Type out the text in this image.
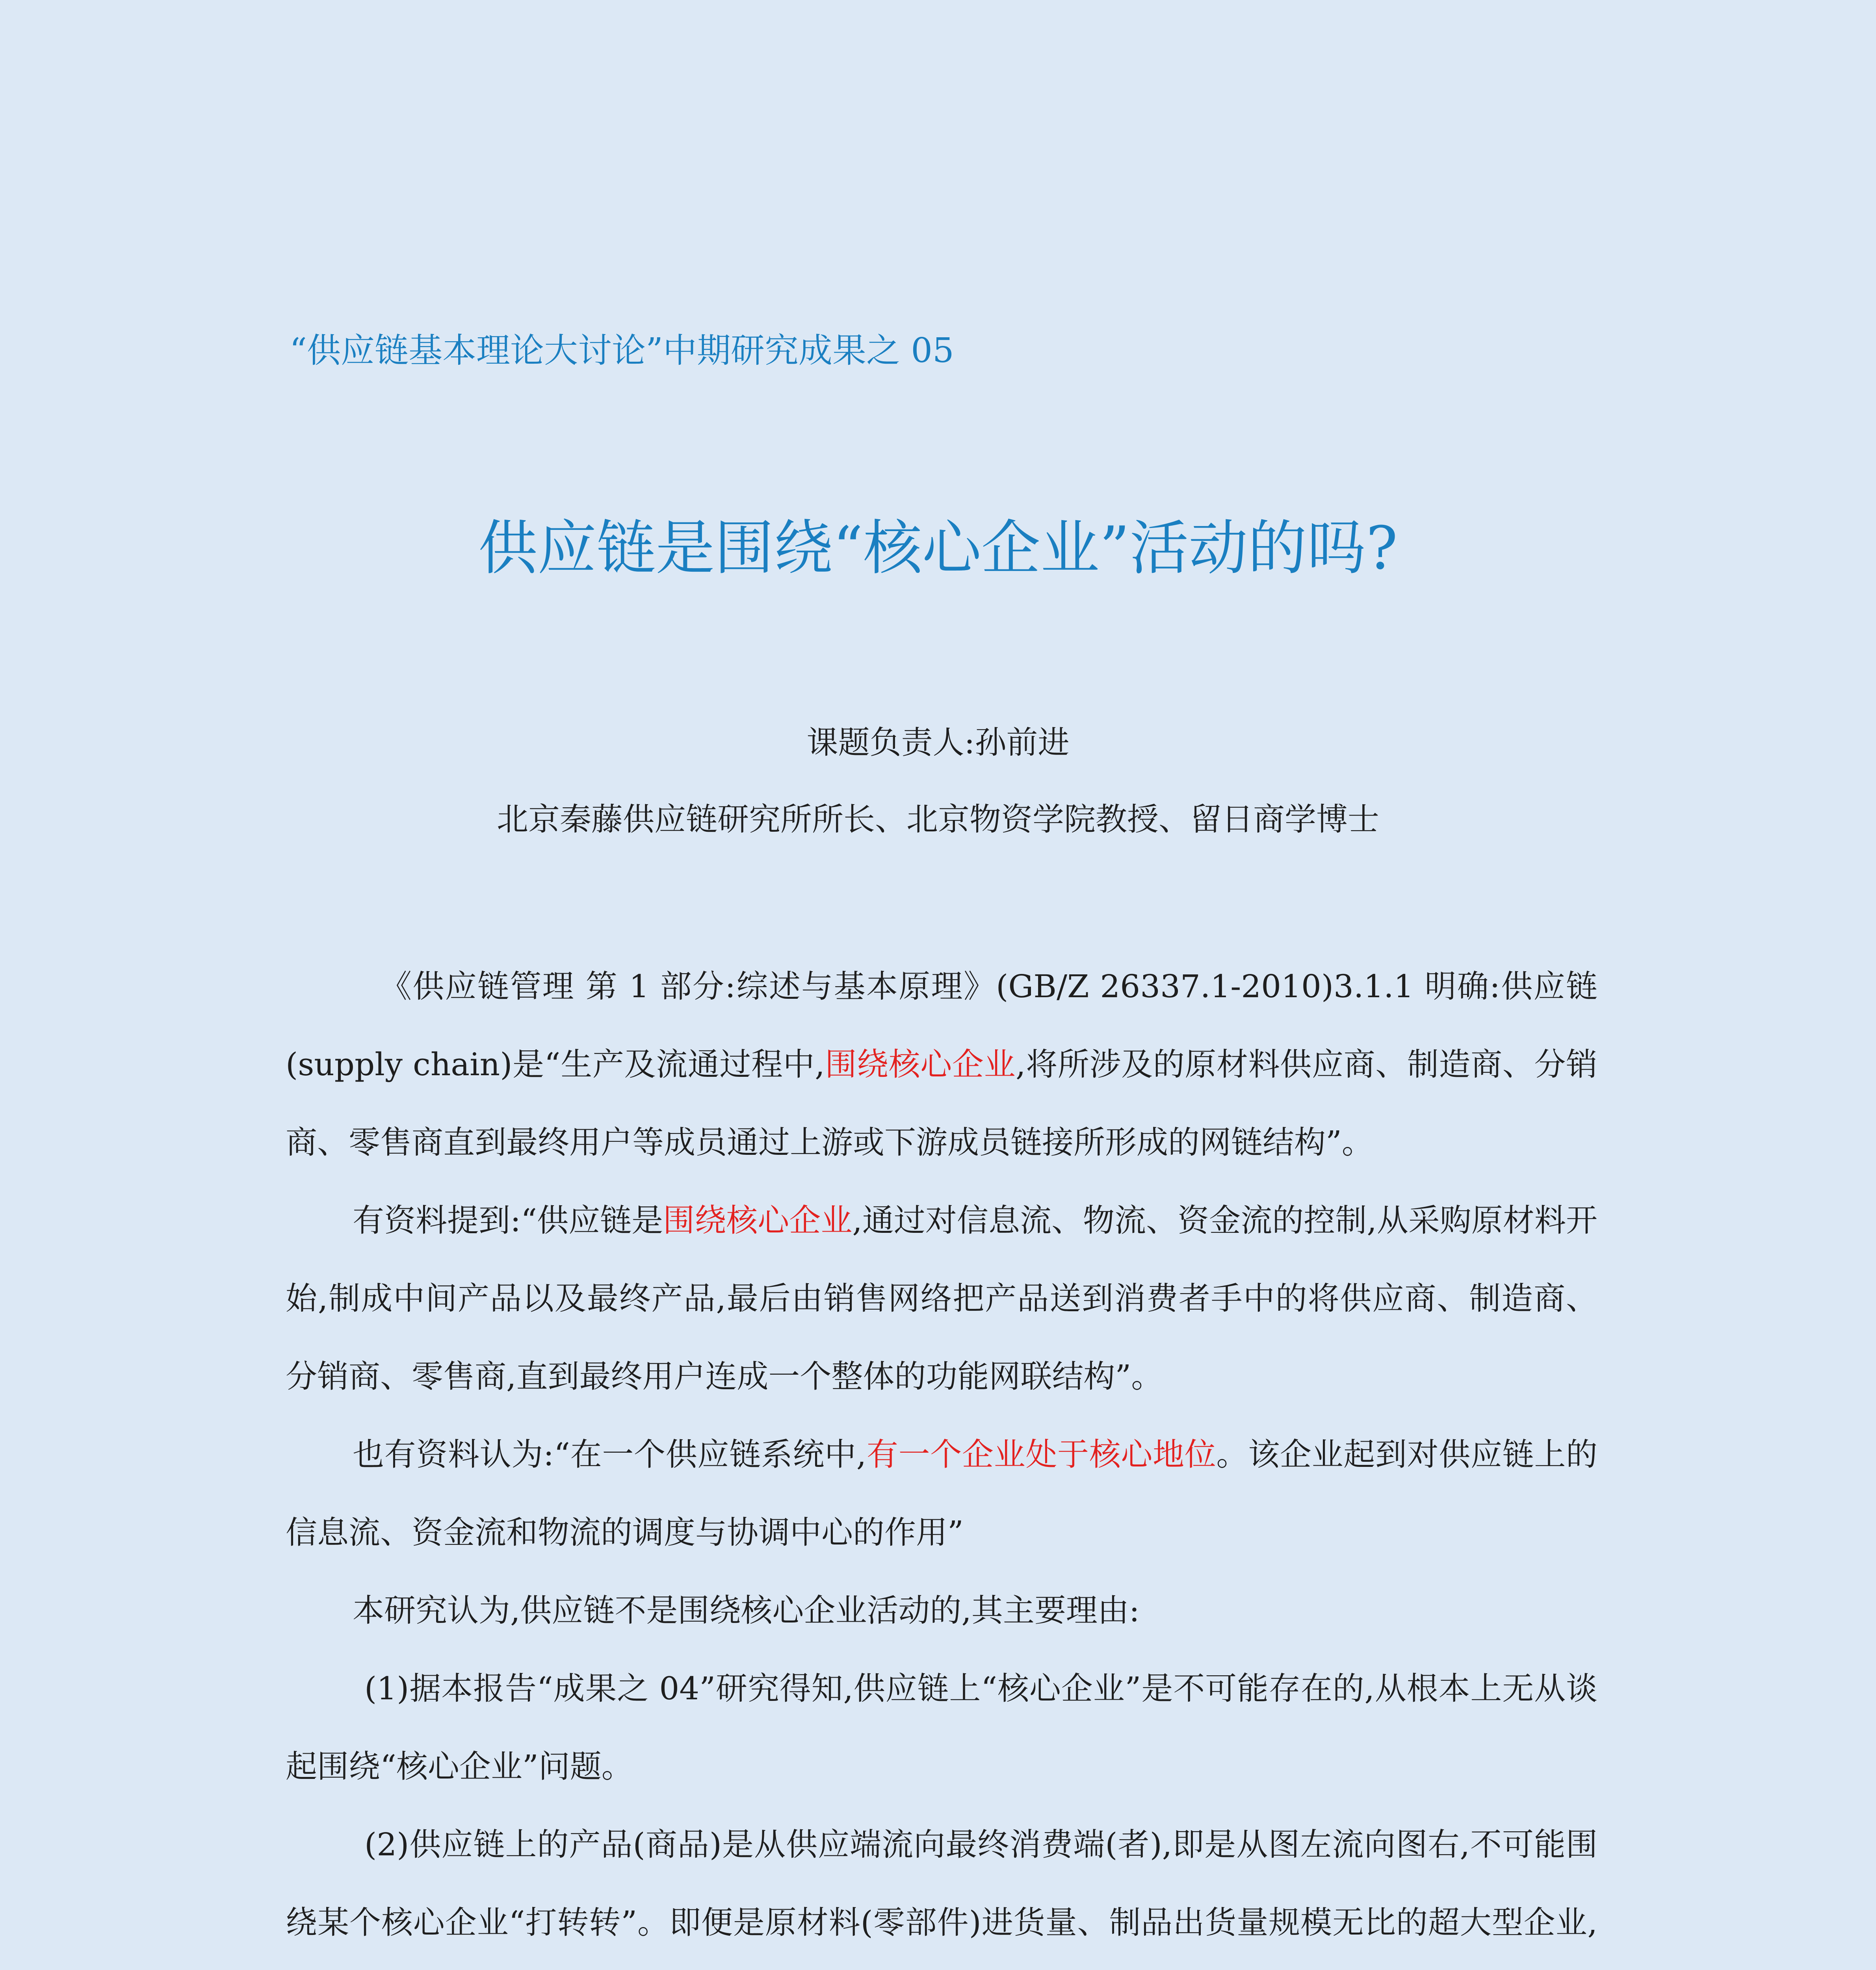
“供应链基本理论大讨论”中期研究成果之 05
供应链是围绕“核心企业”活动的吗?
课题负责人:孙前进
北京秦藤供应链研究所所长、北京物资学院教授、留日商学博士

《供应链管理 第 1 部分:综述与基本原理》(GB/Z 26337.1-2010)3.1.1 明确:供应链(supply chain)是“生产及流通过程中,围绕核心企业,将所涉及的原材料供应商、制造商、分销商、零售商直到最终用户等成员通过上游或下游成员链接所形成的网链结构”。

有资料提到:“供应链是围绕核心企业,通过对信息流、物流、资金流的控制,从采购原材料开始,制成中间产品以及最终产品,最后由销售网络把产品送到消费者手中的将供应商、制造商、分销商、零售商,直到最终用户连成一个整体的功能网联结构”。

也有资料认为:“在一个供应链系统中,有一个企业处于核心地位。该企业起到对供应链上的信息流、资金流和物流的调度与协调中心的作用”

本研究认为,供应链不是围绕核心企业活动的,其主要理由:

(1)据本报告“成果之 04”研究得知,供应链上“核心企业”是不可能存在的,从根本上无从谈起围绕“核心企业”问题。

(2)供应链上的产品(商品)是从供应端流向最终消费端(者),即是从图左流向图右,不可能围绕某个核心企业“打转转”。即便是原材料(零部件)进货量、制品出货量规模无比的超大型企业,
